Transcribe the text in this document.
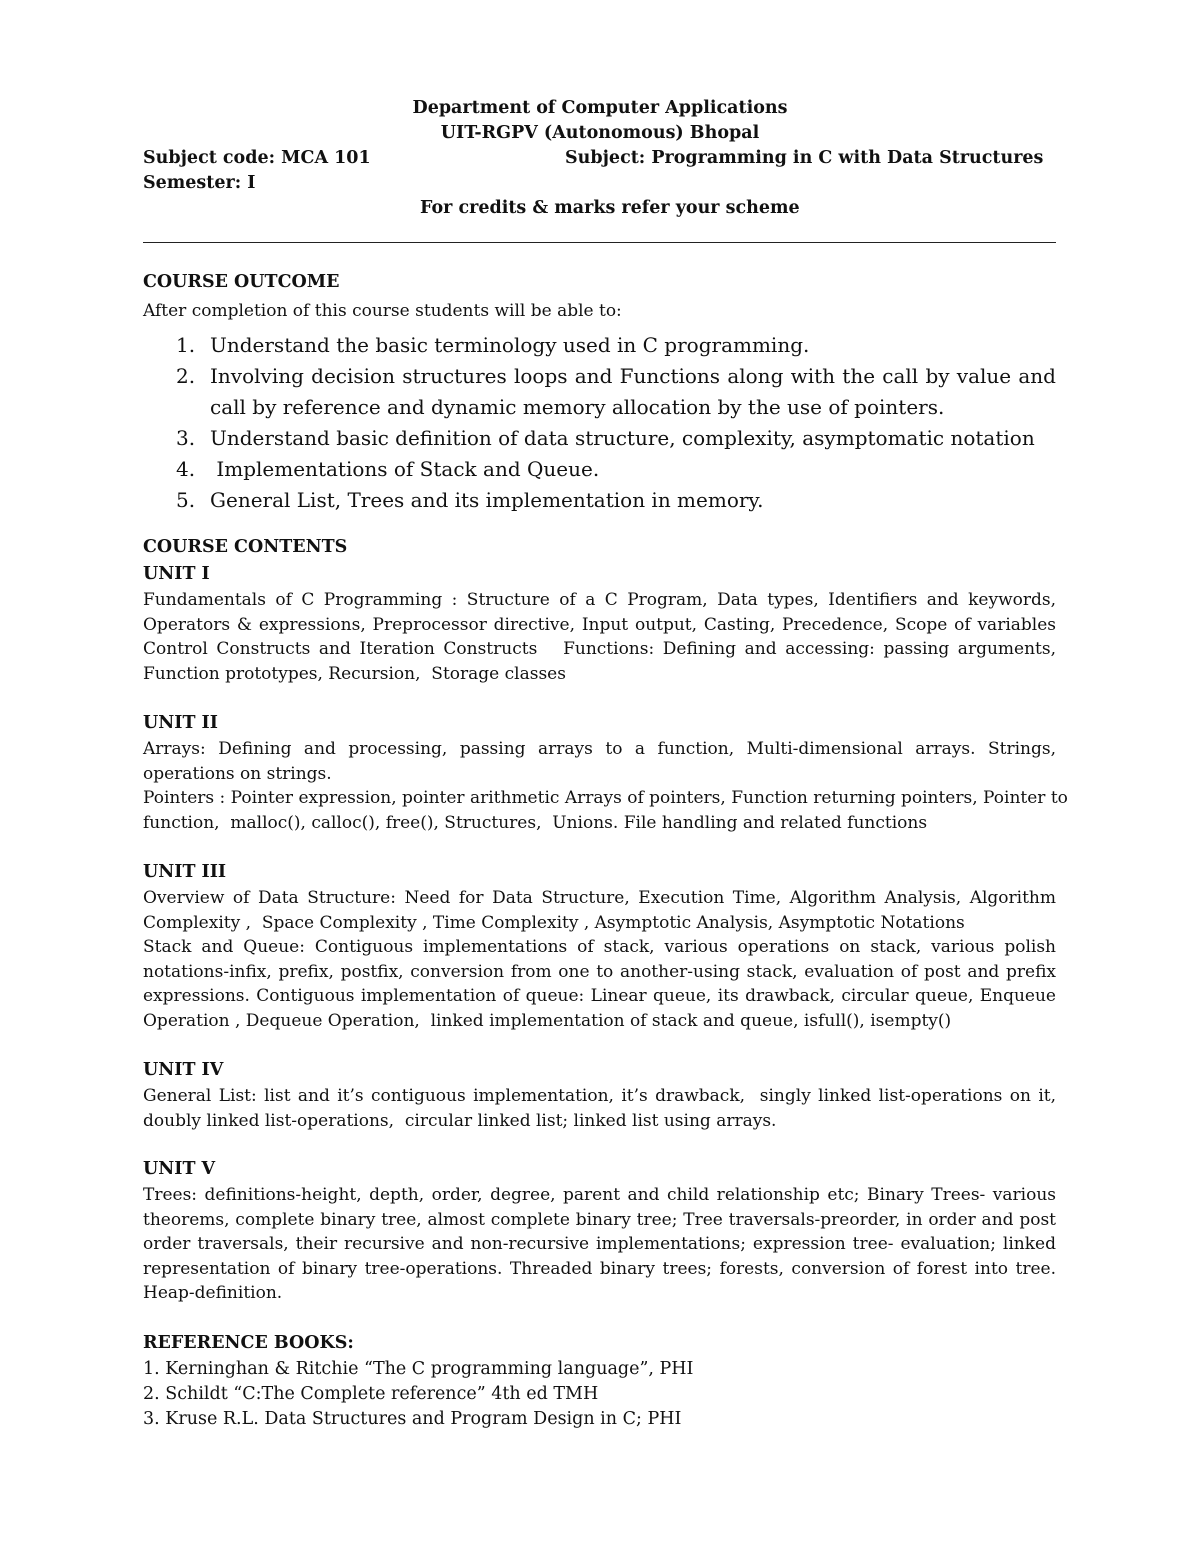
Department of Computer Applications
UIT-RGPV (Autonomous) Bhopal
Subject code: MCA 101	Subject: Programming in C with Data Structures
Semester: I
For credits & marks refer your scheme
COURSE OUTCOME
After completion of this course students will be able to:
1. Understand the basic terminology used in C programming.
2. Involving decision structures loops and Functions along with the call by value and call by reference and dynamic memory allocation by the use of pointers.
3. Understand basic definition of data structure, complexity, asymptomatic notation
4. Implementations of Stack and Queue.
5. General List, Trees and its implementation in memory.
COURSE CONTENTS
UNIT I
Fundamentals of C Programming : Structure of a C Program, Data types, Identifiers and keywords,
Operators & expressions, Preprocessor directive, Input output, Casting, Precedence, Scope of variables
Control Constructs and Iteration Constructs   Functions: Defining and accessing: passing arguments,
Function prototypes, Recursion,  Storage classes
UNIT II
Arrays: Defining and processing, passing arrays to a function, Multi-dimensional arrays. Strings,
operations on strings.
Pointers : Pointer expression, pointer arithmetic Arrays of pointers, Function returning pointers, Pointer to
function,  malloc(), calloc(), free(), Structures,  Unions. File handling and related functions
UNIT III
Overview of Data Structure: Need for Data Structure, Execution Time, Algorithm Analysis, Algorithm
Complexity ,  Space Complexity , Time Complexity , Asymptotic Analysis, Asymptotic Notations
Stack and Queue: Contiguous implementations of stack, various operations on stack, various polish
notations-infix, prefix, postfix, conversion from one to another-using stack, evaluation of post and prefix
expressions. Contiguous implementation of queue: Linear queue, its drawback, circular queue, Enqueue
Operation , Dequeue Operation,  linked implementation of stack and queue, isfull(), isempty()
UNIT IV
General List: list and it’s contiguous implementation, it’s drawback,  singly linked list-operations on it,
doubly linked list-operations,  circular linked list; linked list using arrays.
UNIT V
Trees: definitions-height, depth, order, degree, parent and child relationship etc; Binary Trees- various
theorems, complete binary tree, almost complete binary tree; Tree traversals-preorder, in order and post
order traversals, their recursive and non-recursive implementations; expression tree- evaluation; linked
representation of binary tree-operations. Threaded binary trees; forests, conversion of forest into tree.
Heap-definition.
REFERENCE BOOKS:
1. Kerninghan & Ritchie “The C programming language”, PHI
2. Schildt “C:The Complete reference” 4th ed TMH
3. Kruse R.L. Data Structures and Program Design in C; PHI
